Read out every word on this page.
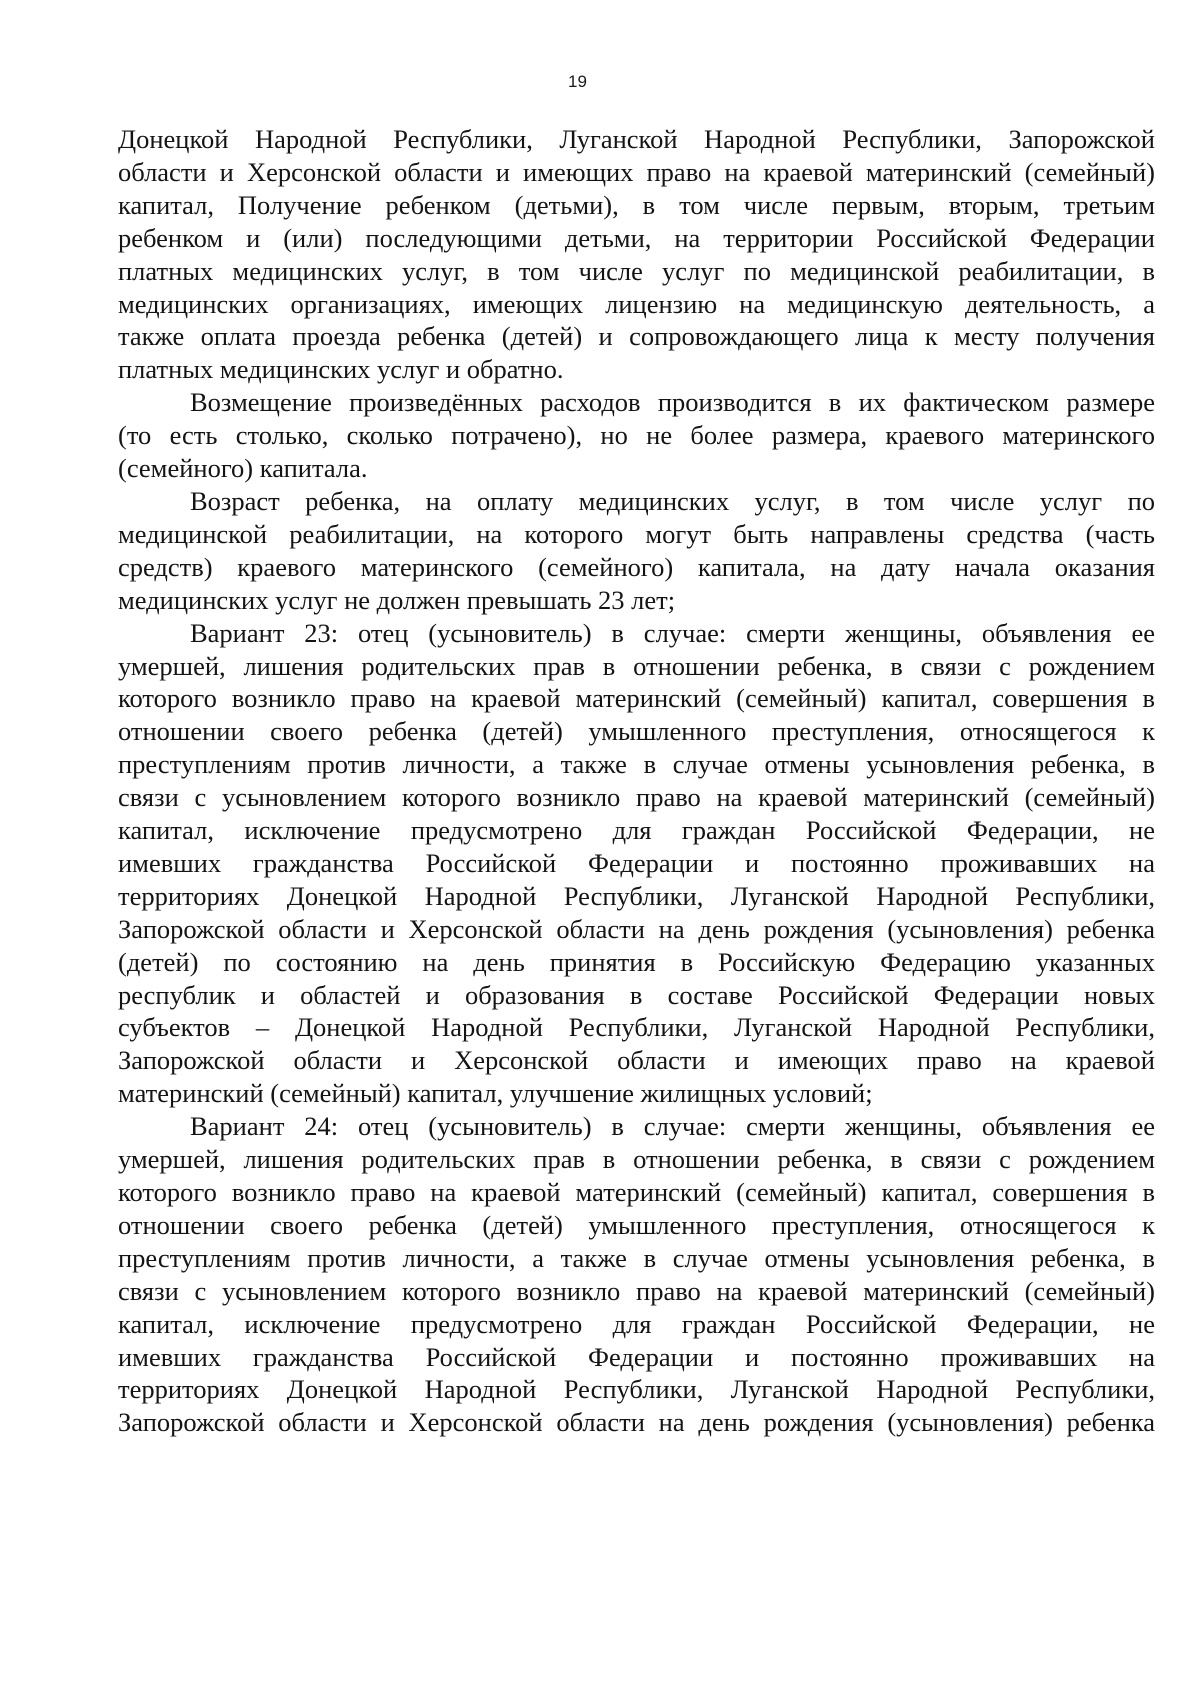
19
Донецкой Народной Республики, Луганской Народной Республики, Запорожской
области и Херсонской области и имеющих право на краевой материнский (семейный)
капитал, Получение ребенком (детьми), в том числе первым, вторым, третьим
ребенком и (или) последующими детьми, на территории Российской Федерации
платных медицинских услуг, в том числе услуг по медицинской реабилитации, в
медицинских организациях, имеющих лицензию на медицинскую деятельность, а
также оплата проезда ребенка (детей) и сопровождающего лица к месту получения
платных медицинских услуг и обратно.
Возмещение произведённых расходов производится в их фактическом размере
(то есть столько, сколько потрачено), но не более размера, краевого материнского
(семейного) капитала.
Возраст ребенка, на оплату медицинских услуг, в том числе услуг по
медицинской реабилитации, на которого могут быть направлены средства (часть
средств) краевого материнского (семейного) капитала, на дату начала оказания
медицинских услуг не должен превышать 23 лет;
Вариант 23: отец (усыновитель) в случае: смерти женщины, объявления ее
умершей, лишения родительских прав в отношении ребенка, в связи с рождением
которого возникло право на краевой материнский (семейный) капитал, совершения в
отношении своего ребенка (детей) умышленного преступления, относящегося к
преступлениям против личности, а также в случае отмены усыновления ребенка, в
связи с усыновлением которого возникло право на краевой материнский (семейный)
капитал, исключение предусмотрено для граждан Российской Федерации, не
имевших гражданства Российской Федерации и постоянно проживавших на
территориях Донецкой Народной Республики, Луганской Народной Республики,
Запорожской области и Херсонской области на день рождения (усыновления) ребенка
(детей) по состоянию на день принятия в Российскую Федерацию указанных
республик и областей и образования в составе Российской Федерации новых
субъектов – Донецкой Народной Республики, Луганской Народной Республики,
Запорожской области и Херсонской области и имеющих право на краевой
материнский (семейный) капитал, улучшение жилищных условий;
Вариант 24: отец (усыновитель) в случае: смерти женщины, объявления ее
умершей, лишения родительских прав в отношении ребенка, в связи с рождением
которого возникло право на краевой материнский (семейный) капитал, совершения в
отношении своего ребенка (детей) умышленного преступления, относящегося к
преступлениям против личности, а также в случае отмены усыновления ребенка, в
связи с усыновлением которого возникло право на краевой материнский (семейный)
капитал, исключение предусмотрено для граждан Российской Федерации, не
имевших гражданства Российской Федерации и постоянно проживавших на
территориях Донецкой Народной Республики, Луганской Народной Республики,
Запорожской области и Херсонской области на день рождения (усыновления) ребенка
